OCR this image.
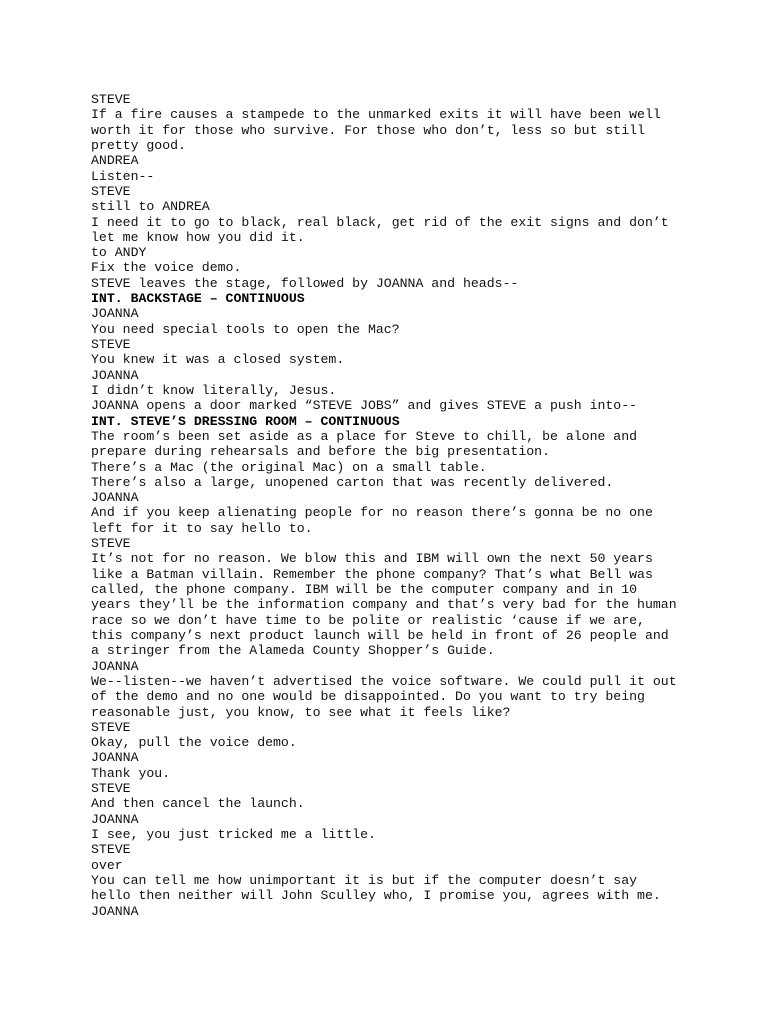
STEVE
If a fire causes a stampede to the unmarked exits it will have been well
worth it for those who survive. For those who don’t, less so but still
pretty good.
ANDREA
Listen--
STEVE
still to ANDREA
I need it to go to black, real black, get rid of the exit signs and don’t
let me know how you did it.
to ANDY
Fix the voice demo.
STEVE leaves the stage, followed by JOANNA and heads--
INT. BACKSTAGE – CONTINUOUS
JOANNA
You need special tools to open the Mac?
STEVE
You knew it was a closed system.
JOANNA
I didn’t know literally, Jesus.
JOANNA opens a door marked “STEVE JOBS” and gives STEVE a push into--
INT. STEVE’S DRESSING ROOM – CONTINUOUS
The room’s been set aside as a place for Steve to chill, be alone and
prepare during rehearsals and before the big presentation.
There’s a Mac (the original Mac) on a small table.
There’s also a large, unopened carton that was recently delivered.
JOANNA
And if you keep alienating people for no reason there’s gonna be no one
left for it to say hello to.
STEVE
It’s not for no reason. We blow this and IBM will own the next 50 years
like a Batman villain. Remember the phone company? That’s what Bell was
called, the phone company. IBM will be the computer company and in 10
years they’ll be the information company and that’s very bad for the human
race so we don’t have time to be polite or realistic ‘cause if we are,
this company’s next product launch will be held in front of 26 people and
a stringer from the Alameda County Shopper’s Guide.
JOANNA
We--listen--we haven’t advertised the voice software. We could pull it out
of the demo and no one would be disappointed. Do you want to try being
reasonable just, you know, to see what it feels like?
STEVE
Okay, pull the voice demo.
JOANNA
Thank you.
STEVE
And then cancel the launch.
JOANNA
I see, you just tricked me a little.
STEVE
over
You can tell me how unimportant it is but if the computer doesn’t say
hello then neither will John Sculley who, I promise you, agrees with me.
JOANNA
